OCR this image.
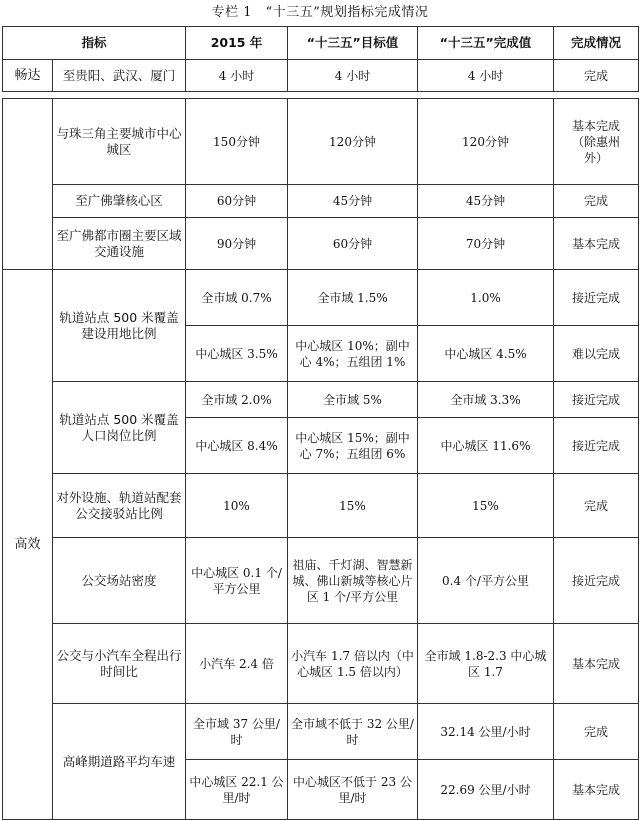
专栏 1　“十三五”规划指标完成情况
指标		2015 年	“十三五”目标值	“十三五”完成值	完成情况
畅达	至贵阳、武汉、厦门	4 小时	4 小时	4 小时	完成
	与珠三角主要城市中心城区	150分钟	120分钟	120分钟	基本完成（除惠州外）
	至广佛肇核心区	60分钟	45分钟	45分钟	完成
	至广佛都市圈主要区域交通设施	90分钟	60分钟	70分钟	基本完成
高效	轨道站点 500 米覆盖建设用地比例	全市域 0.7%	全市域 1.5%	1.0%	接近完成
		中心城区 3.5%	中心城区 10%；副中心 4%；五组团 1%	中心城区 4.5%	难以完成
	轨道站点 500 米覆盖人口岗位比例	全市域 2.0%	全市域 5%	全市域 3.3%	接近完成
		中心城区 8.4%	中心城区 15%；副中心 7%；五组团 6%	中心城区 11.6%	接近完成
	对外设施、轨道站配套公交接驳站比例	10%	15%	15%	完成
	公交场站密度	中心城区 0.1 个/平方公里	祖庙、千灯湖、智慧新城、佛山新城等核心片区 1 个/平方公里	0.4 个/平方公里	接近完成
	公交与小汽车全程出行时间比	小汽车 2.4 倍	小汽车 1.7 倍以内（中心城区 1.5 倍以内）	全市域 1.8-2.3 中心城区 1.7	基本完成
	高峰期道路平均车速	全市域 37 公里/时	全市域不低于 32 公里/时	32.14 公里/小时	完成
		中心城区 22.1 公里/时	中心城区不低于 23 公里/时	22.69 公里/小时	基本完成
